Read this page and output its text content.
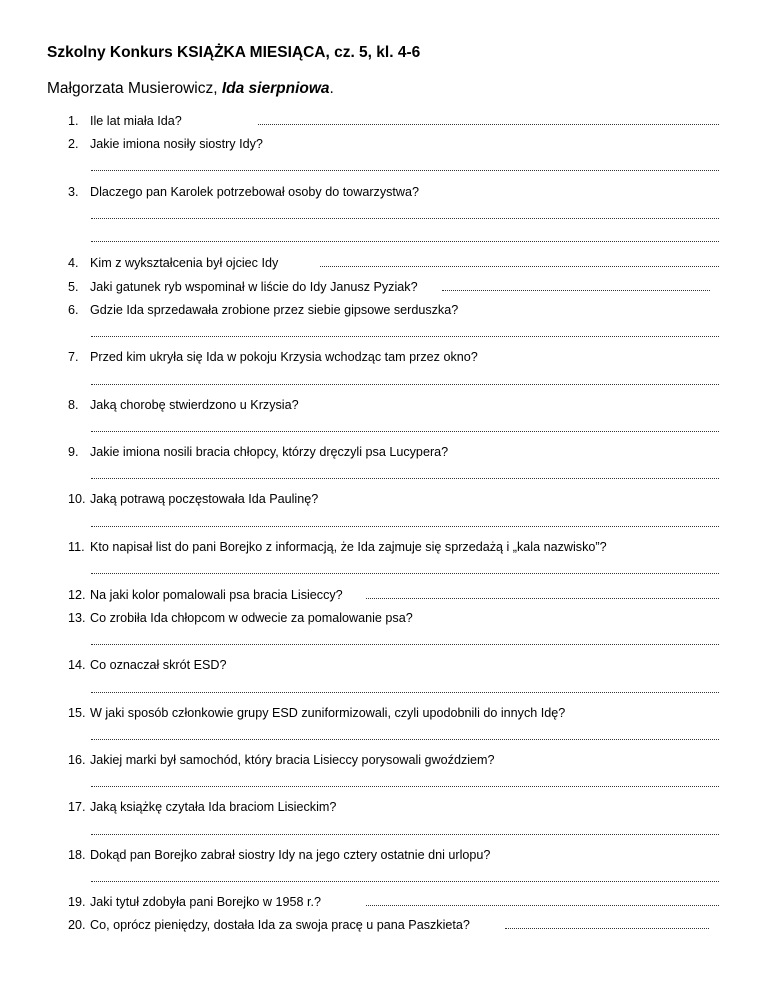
Szkolny Konkurs KSIĄŻKA MIESIĄCA, cz. 5, kl. 4-6
Małgorzata Musierowicz, Ida sierpniowa.
1. Ile lat miała Ida?
2. Jakie imiona nosiły siostry Idy?
3. Dlaczego pan Karolek potrzebował osoby do towarzystwa?
4. Kim z wykształcenia był ojciec Idy
5. Jaki gatunek ryb wspominał w liście do Idy Janusz Pyziak?
6. Gdzie Ida sprzedawała zrobione przez siebie gipsowe serduszka?
7. Przed kim ukryła się Ida w pokoju Krzysia wchodząc tam przez okno?
8. Jaką chorobę stwierdzono u Krzysia?
9. Jakie imiona nosili bracia chłopcy, którzy dręczyli psa Lucypera?
10. Jaką potrawą poczęstowała Ida Paulinę?
11. Kto napisał list do pani Borejko z informacją, że Ida zajmuje się sprzedażą i „kala nazwisko”?
12. Na jaki kolor pomalowali psa bracia Lisieccy?
13. Co zrobiła Ida chłopcom w odwecie za pomalowanie psa?
14. Co oznaczał skrót ESD?
15. W jaki sposób członkowie grupy ESD zuniformizowali, czyli upodobnili do innych Idę?
16. Jakiej marki był samochód, który bracia Lisieccy porysowali gwoździem?
17. Jaką książkę czytała Ida braciom Lisieckim?
18. Dokąd pan Borejko zabrał siostry Idy na jego cztery ostatnie dni urlopu?
19. Jaki tytuł zdobyła pani Borejko w 1958 r.?
20. Co, oprócz pieniędzy, dostała Ida za swoja pracę u pana Paszkieta?
